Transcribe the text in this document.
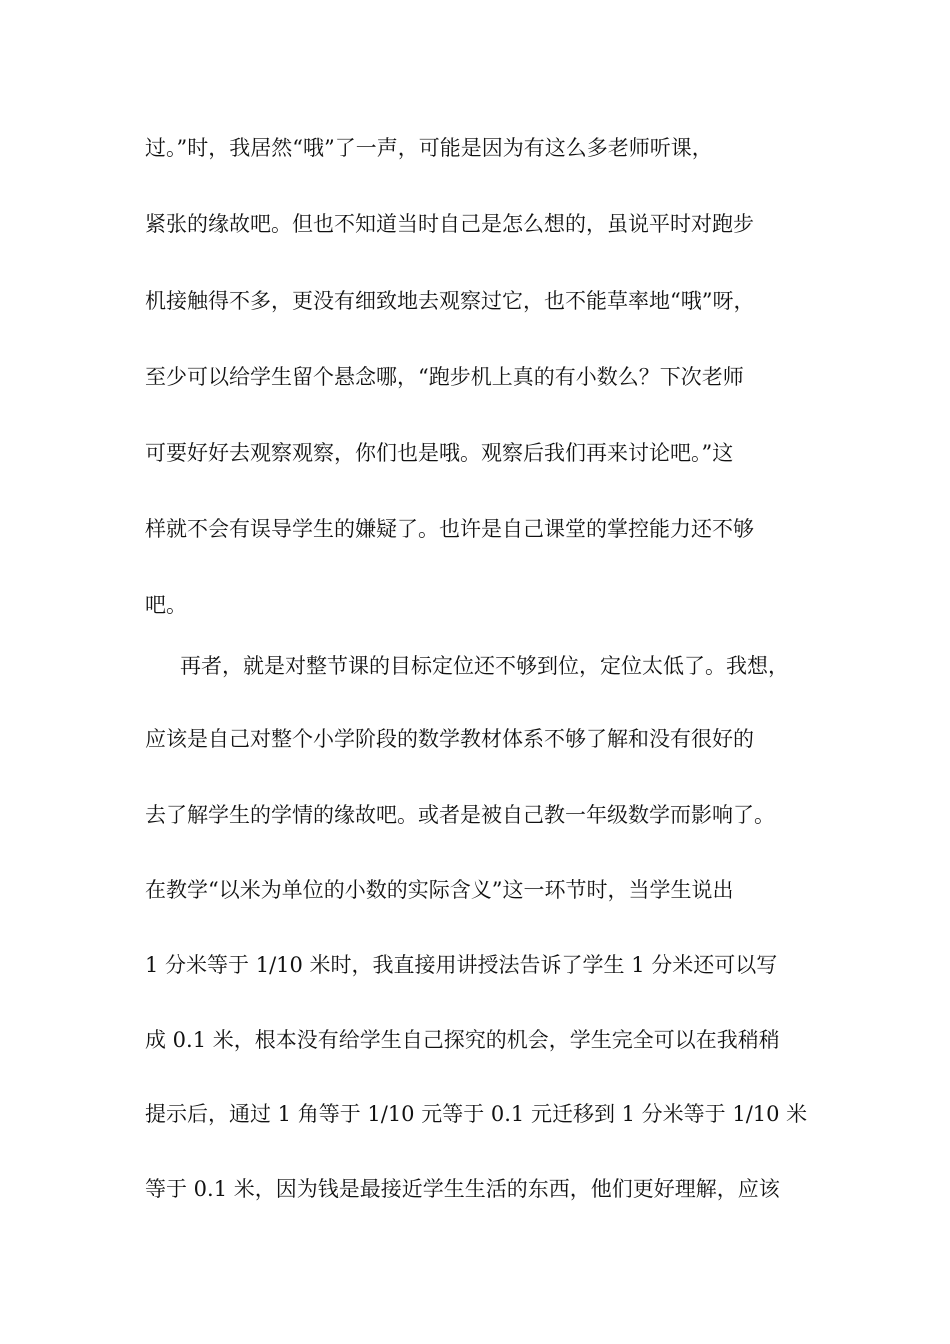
过。”时，我居然“哦”了一声，可能是因为有这么多老师听课，
紧张的缘故吧。但也不知道当时自己是怎么想的，虽说平时对跑步
机接触得不多，更没有细致地去观察过它，也不能草率地“哦”呀，
至少可以给学生留个悬念哪，“跑步机上真的有小数么？下次老师
可要好好去观察观察，你们也是哦。观察后我们再来讨论吧。”这
样就不会有误导学生的嫌疑了。也许是自己课堂的掌控能力还不够
吧。
再者，就是对整节课的目标定位还不够到位，定位太低了。我想，
应该是自己对整个小学阶段的数学教材体系不够了解和没有很好的
去了解学生的学情的缘故吧。或者是被自己教一年级数学而影响了。
在教学“以米为单位的小数的实际含义”这一环节时，当学生说出
1 分米等于 1/10 米时，我直接用讲授法告诉了学生 1 分米还可以写
成 0.1 米，根本没有给学生自己探究的机会，学生完全可以在我稍稍
提示后，通过 1 角等于 1/10 元等于 0.1 元迁移到 1 分米等于 1/10 米
等于 0.1 米，因为钱是最接近学生生活的东西，他们更好理解，应该
